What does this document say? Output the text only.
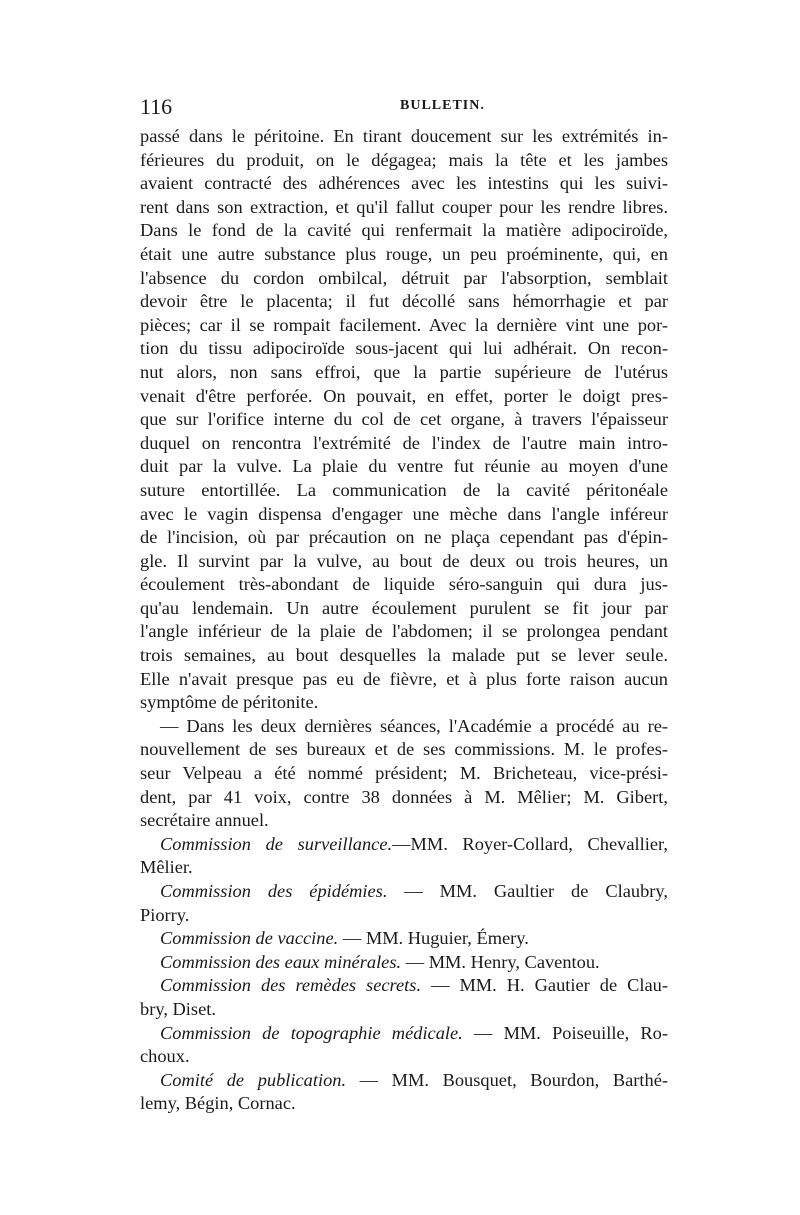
116	BULLETIN.

passé dans le péritoine. En tirant doucement sur les extrémités in-
férieures du produit, on le dégagea; mais la tête et les jambes
avaient contracté des adhérences avec les intestins qui les suivi-
rent dans son extraction, et qu'il fallut couper pour les rendre libres.
Dans le fond de la cavité qui renfermait la matière adipociroïde,
était une autre substance plus rouge, un peu proéminente, qui, en
l'absence du cordon ombilcal, détruit par l'absorption, semblait
devoir être le placenta; il fut décollé sans hémorrhagie et par
pièces; car il se rompait facilement. Avec la dernière vint une por-
tion du tissu adipociroïde sous-jacent qui lui adhérait. On recon-
nut alors, non sans effroi, que la partie supérieure de l'utérus
venait d'être perforée. On pouvait, en effet, porter le doigt pres-
que sur l'orifice interne du col de cet organe, à travers l'épaisseur
duquel on rencontra l'extrémité de l'index de l'autre main intro-
duit par la vulve. La plaie du ventre fut réunie au moyen d'une
suture entortillée. La communication de la cavité péritonéale
avec le vagin dispensa d'engager une mèche dans l'angle inféreur
de l'incision, où par précaution on ne plaça cependant pas d'épin-
gle. Il survint par la vulve, au bout de deux ou trois heures, un
écoulement très-abondant de liquide séro-sanguin qui dura jus-
qu'au lendemain. Un autre écoulement purulent se fit jour par
l'angle inférieur de la plaie de l'abdomen; il se prolongea pendant
trois semaines, au bout desquelles la malade put se lever seule.
Elle n'avait presque pas eu de fièvre, et à plus forte raison aucun
symptôme de péritonite.

— Dans les deux dernières séances, l'Académie a procédé au re-
nouvellement de ses bureaux et de ses commissions. M. le profes-
seur Velpeau a été nommé président; M. Bricheteau, vice-prési-
dent, par 41 voix, contre 38 données à M. Mêlier; M. Gibert,
secrétaire annuel.

Commission de surveillance.—MM. Royer-Collard, Chevallier,
Mêlier.
Commission des épidémies. — MM. Gaultier de Claubry,
Piorry.
Commission de vaccine. — MM. Huguier, Émery.
Commission des eaux minérales. — MM. Henry, Caventou.
Commission des remèdes secrets. — MM. H. Gautier de Clau-
bry, Diset.
Commission de topographie médicale. — MM. Poiseuille, Ro-
choux.
Comité de publication. — MM. Bousquet, Bourdon, Barthé-
lemy, Bégin, Cornac.
